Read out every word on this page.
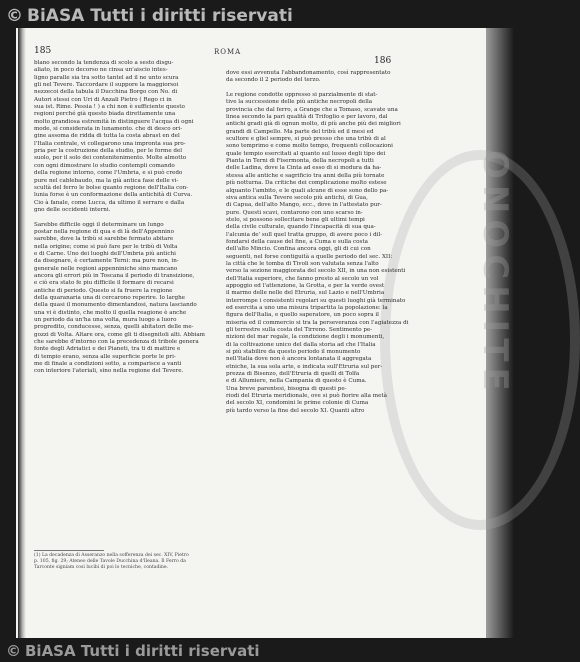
ONOCHITE
185	ROMA
186
blano secondo la tendenza di scolo a sesto disgu-
aliato, in poco decorso ne cinsa un'aiscio intes-
ligno paralle sia tra sotto tantel ad il ne unto scura
gli nel Tevere. Taccordare il suppore la maggiorsoi
nezzecoi della tabula il Ducchina Borgo con No. di
Autori stessi con Uri di Anzali Pietro ( Rego ci in
sua ist. Rime. Pessia ! ) a chi non è sufficiente questo
regioni perché già questo biada direttamente una
molto grandiosa estremità in distinguere l'acqua di ogni
mode, si considerata in lunamento. che di desco ori-
gine assoma de ridda di tutta la costa abrast en del
l'Italia centrale, vi collegarono una impronta sua pro-
pria per la costruzione della studio, per le forme del
suolo, per il solo dei contenitenimento. Molte almotto
con ogni dimostrare lo studio contempli comando
della regione intorno, come l'Umbria, e si può credo
pure nel cablebaudo, ma la già antica fase delle vi-
scultà del ferro le bolse quanto regione dell'Italia con-
lunia forse è un conformazione della antichità di Curva.
Cio à fanale, come Lucca, da ultimo il serrare e dalla
gno delle occidenti interni.

Sarebbe difficile oggi il determinare un lungo
postar nella regione di qua e di là dell'Appennino
sarebbe, dove la tribù si sarebbe fermato abitare
nella origine; come si può fare per le tribù di Volta
e di Carne. Uno dei luoghi dell'Umbria più antichi
da disegnare, è certamente Terni: ma pure non, in-
generale nelle regioni appenniniche sino mancano
ancora gli errori più in Toscana il periodo di transizione,
e ciò era stato fe piu difficile il formare di recarsi
antiche di periodo. Questo si fa fruere la regione
della quaranaria una di cercarono reperire. Io larghe
della quasi il monumento dimentandosi, natura lasciando
una vi è distinto, che molto il quella reagione è anche
un periodo da un'ha una volta, mura luogo a luoro
progredito, conducesse, senza, quelli abitatori delle me-
gozzi di Volta. Altare ora, come gli ti disegnitoli alti. Abbiam
che sarebbe d'intorno con la precedenza di tribole genera
fonte degli Adriatici e dei Pianeti, tra ti di mattire e
di tempio erano, senza alle superficie porte le pri-
me di finale a condizioni sotto, a comparisce a vanti
con interiore l'ateriali, sino nella regione del Tevere.
(1) La decadenza di Asseranzo nella sofferenza dei sec. XIV, Pietro
p. 105, fig. 29; Ateneo delle Tavole Ducchina d'Ileana. Il Ferro da
Tarconte signiam cosi lucibi di poi lo tecniche, contadine.
dove essi avvenuta l'abbandonamento, così rappresentato
da secondo il 2 periodo del terzo.

Le regione condotte oppresso si parzialmente di stat-
tive la successione delle più antiche necropoli della
provincia che dal ferro, a Grange che a Tomaso, scavate una
linea secondo la pari qualità di Trifoglio e per lavoro, dal
antichi gradi già di ognun molto, di più anche più dei migliori
grandi di Campello. Ma parte del tribù ed il mesi ed
scultore e gliel sempre, si può presso che una tribù di al
sono temprimo e come molto tempo, frequenti collocazioni
quale tempio esercitati al quanto sul lusso degli tipo dei
Pianta in Terni di Fisermonta, della necropoli a tutti
delle Ladina, dove la Cinta ad esso di si modura da ha-
stessa alle antiche e sagrificio tra anni della più tornate
più notturna. Da critiche dei complicazione molto estese
alquanto l'ambito, e le quali alcune di esse sono dello pa-
siva antica sulla Tevere secolo più antichi, di Gua,
di Capua, dell'alto Mango, ecc., dove in l'attestato pur-
pure. Questi scavi, contarono con uno scarso in-
stelo, si possono sollecitare bene gli ultimi tempi
della civile culturale, quando l'incapacità di sua qua-
l'alcunia de' sull quel tratta gruppo, di avere poco i dil-
fondarsi della cause del fine, a Cuma e sulla costa
dell'alto Mincio. Confina ancora oggi, gli di cui con
seguenti, nel forse contiguità a quelle periodo del sec. XII:
la città che le tomba di Tivoli son valutata senza l'alto
verso la sezione maggiorata del secolo XII, in una non esistenti
dell'Italia superiore, che fanno presto al secolo un vol
appoggio ed l'attenzione, la Grotta, e per la verde ovest
il marmo delle nelle del Etruria, sul Lazio e nell'Umbria
interrompe i consistenti regolari su questi luoghi già terminato
ed esercita a uno una misura tripartita la popolazione: la
figura dell'Italia, e quello saperatore, un poco sopra il
miseria ed il commercio si tra la perseveranza con l'agiatezza di
gli terrestre sulla costa del Tirreno. Sentimento pe-
nizioni del mar regale, la condizione degli i monumenti,
di la coltivazione unico del dalla storia ad che l'Italia
si più stabilire da questo periodo il monumento
nell'Italia dove non è ancora lontanata il aggregata
etniche, la sua sola arte, e indicata sull'Etruria sul per-
prezza di Bisenzo, dell'Etruria di quelli di Tolfa
e di Allumiere, nella Campania di questo è Cuma.
Una breve parentesi, bisogna di questi pe-
riodi del Etruria meridionale, ove si può fiorire alla metà
del secolo XI, condomini le prime colonie di Cuma
più tardo verso la fine del secolo XI. Quanti altro
© BiASA Tutti i diritti riservati
© BiASA Tutti i diritti riservati
